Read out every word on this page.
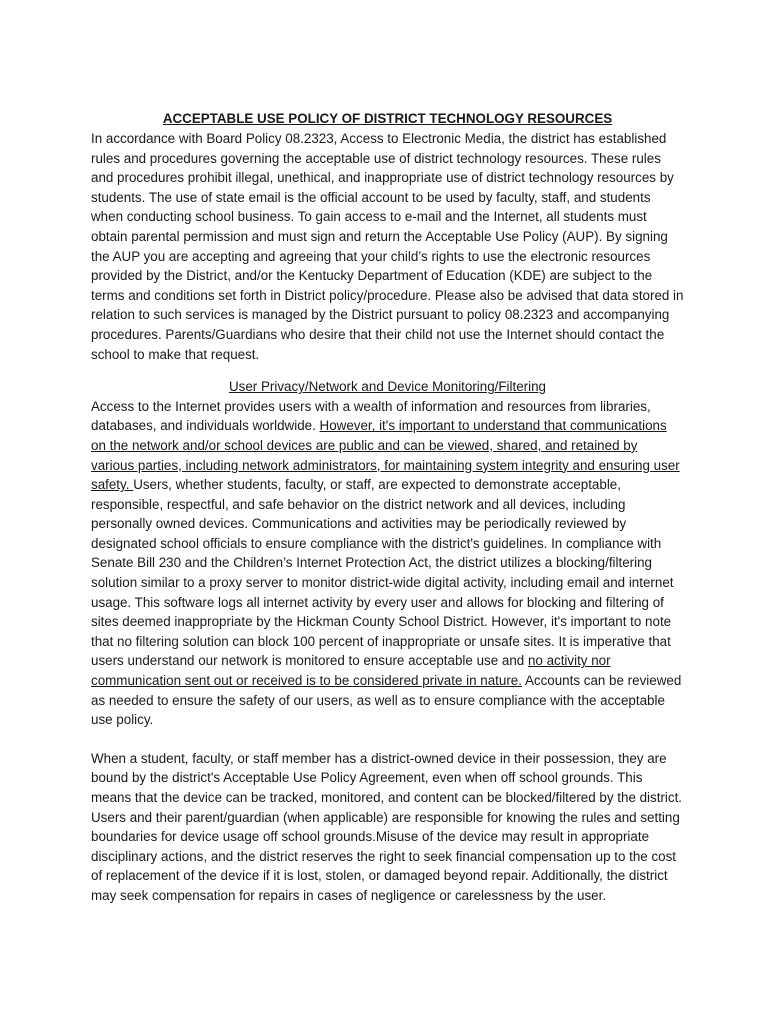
ACCEPTABLE USE POLICY OF DISTRICT TECHNOLOGY RESOURCES

In accordance with Board Policy 08.2323, Access to Electronic Media, the district has established rules and procedures governing the acceptable use of district technology resources. These rules and procedures prohibit illegal, unethical, and inappropriate use of district technology resources by students. The use of state email is the official account to be used by faculty, staff, and students when conducting school business. To gain access to e-mail and the Internet, all students must obtain parental permission and must sign and return the Acceptable Use Policy (AUP). By signing the AUP you are accepting and agreeing that your child’s rights to use the electronic resources provided by the District, and/or the Kentucky Department of Education (KDE) are subject to the terms and conditions set forth in District policy/procedure. Please also be advised that data stored in relation to such services is managed by the District pursuant to policy 08.2323 and accompanying procedures. Parents/Guardians who desire that their child not use the Internet should contact the school to make that request.

User Privacy/Network and Device Monitoring/Filtering

Access to the Internet provides users with a wealth of information and resources from libraries, databases, and individuals worldwide. However, it's important to understand that communications on the network and/or school devices are public and can be viewed, shared, and retained by various parties, including network administrators, for maintaining system integrity and ensuring user safety. Users, whether students, faculty, or staff, are expected to demonstrate acceptable, responsible, respectful, and safe behavior on the district network and all devices, including personally owned devices. Communications and activities may be periodically reviewed by designated school officials to ensure compliance with the district's guidelines. In compliance with Senate Bill 230 and the Children’s Internet Protection Act, the district utilizes a blocking/filtering solution similar to a proxy server to monitor district-wide digital activity, including email and internet usage. This software logs all internet activity by every user and allows for blocking and filtering of sites deemed inappropriate by the Hickman County School District. However, it's important to note that no filtering solution can block 100 percent of inappropriate or unsafe sites. It is imperative that users understand our network is monitored to ensure acceptable use and no activity nor communication sent out or received is to be considered private in nature. Accounts can be reviewed as needed to ensure the safety of our users, as well as to ensure compliance with the acceptable use policy.

When a student, faculty, or staff member has a district-owned device in their possession, they are bound by the district's Acceptable Use Policy Agreement, even when off school grounds. This means that the device can be tracked, monitored, and content can be blocked/filtered by the district. Users and their parent/guardian (when applicable) are responsible for knowing the rules and setting boundaries for device usage off school grounds.Misuse of the device may result in appropriate disciplinary actions, and the district reserves the right to seek financial compensation up to the cost of replacement of the device if it is lost, stolen, or damaged beyond repair. Additionally, the district may seek compensation for repairs in cases of negligence or carelessness by the user.
